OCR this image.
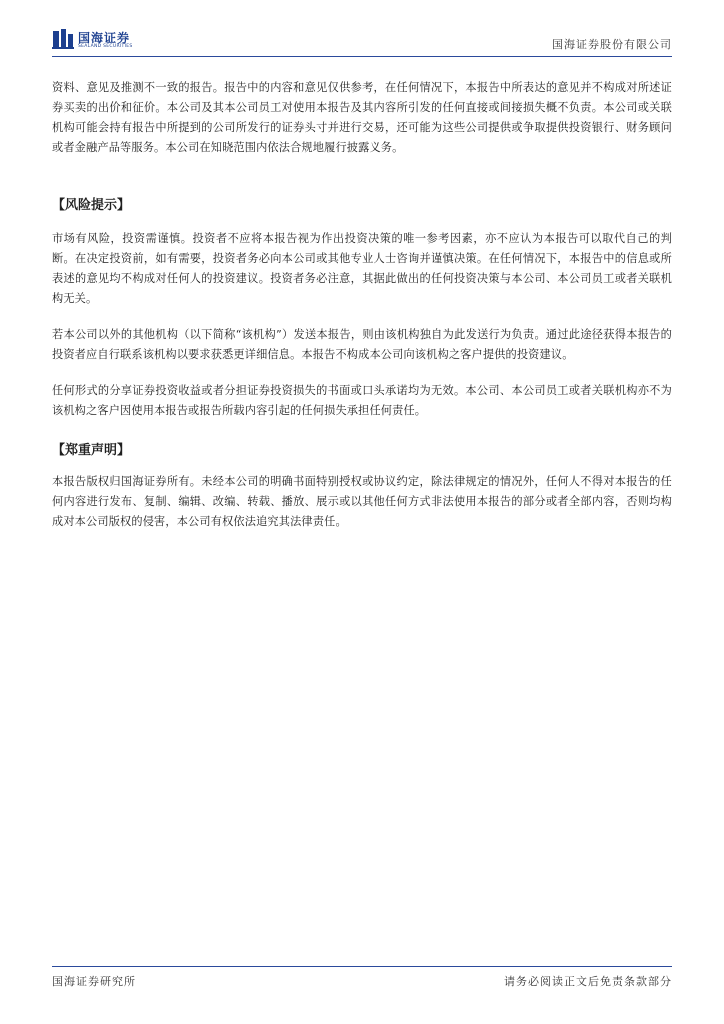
国海证券
SEALAND SECURITIES	国海证券股份有限公司

资料、意见及推测不一致的报告。报告中的内容和意见仅供参考，在任何情况下，本报告中所表达的意见并不构成对所述证券买卖的出价和征价。本公司及其本公司员工对使用本报告及其内容所引发的任何直接或间接损失概不负责。本公司或关联机构可能会持有报告中所提到的公司所发行的证券头寸并进行交易，还可能为这些公司提供或争取提供投资银行、财务顾问或者金融产品等服务。本公司在知晓范围内依法合规地履行披露义务。

【风险提示】

市场有风险，投资需谨慎。投资者不应将本报告视为作出投资决策的唯一参考因素，亦不应认为本报告可以取代自己的判断。在决定投资前，如有需要，投资者务必向本公司或其他专业人士咨询并谨慎决策。在任何情况下，本报告中的信息或所表述的意见均不构成对任何人的投资建议。投资者务必注意，其据此做出的任何投资决策与本公司、本公司员工或者关联机构无关。

若本公司以外的其他机构（以下简称“该机构”）发送本报告，则由该机构独自为此发送行为负责。通过此途径获得本报告的投资者应自行联系该机构以要求获悉更详细信息。本报告不构成本公司向该机构之客户提供的投资建议。

任何形式的分享证券投资收益或者分担证券投资损失的书面或口头承诺均为无效。本公司、本公司员工或者关联机构亦不为该机构之客户因使用本报告或报告所载内容引起的任何损失承担任何责任。

【郑重声明】

本报告版权归国海证券所有。未经本公司的明确书面特别授权或协议约定，除法律规定的情况外，任何人不得对本报告的任何内容进行发布、复制、编辑、改编、转载、播放、展示或以其他任何方式非法使用本报告的部分或者全部内容，否则均构成对本公司版权的侵害，本公司有权依法追究其法律责任。

国海证券研究所	请务必阅读正文后免责条款部分
